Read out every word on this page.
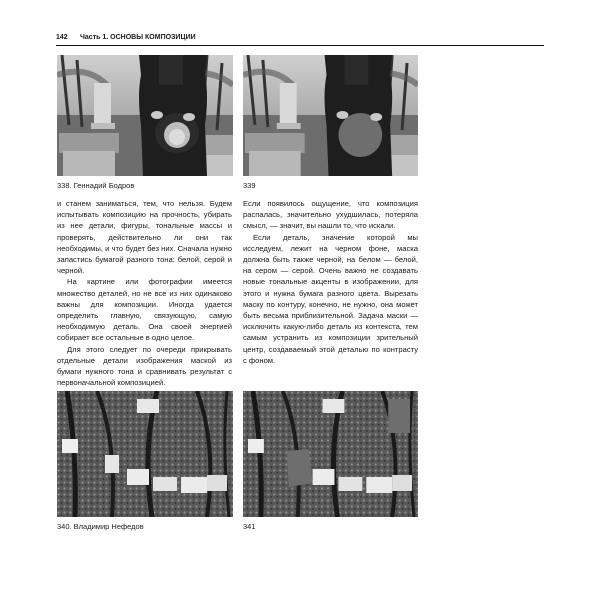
142 Часть 1. ОСНОВЫ КОМПОЗИЦИИ
338. Геннадий Бодров	339

и станем заниматься, тем, что нельзя. Будем испытывать композицию на прочность, убирать из нее детали, фигуры, тональные массы и проверять, действительно ли они так необходимы, и что будет без них. Сначала нужно запастись бумагой разного тона: белой, серой и черной.

На картине или фотографии имеется множество деталей, но не все из них одинаково важны для композиции. Иногда удается определить главную, связующую, самую необходимую деталь. Она своей энергией собирает все остальные в одно целое.

Для этого следует по очереди прикрывать отдельные детали изображения маской из бумаги нужного тона и сравнивать результат с первоначальной композицией.

Если появилось ощущение, что композиция распалась, значительно ухудшилась, потеряла смысл, — значит, вы нашли то, что искали.

Если деталь, значение которой мы исследуем, лежит на черном фоне, маска должна быть также черной, на белом — белой, на сером — серой. Очень важно не создавать новые тональные акценты в изображении, для этого и нужна бумага разного цвета. Вырезать маску по контуру, конечно, не нужно, она может быть весьма приблизительной. Задача маски — исключить какую-либо деталь из контекста, тем самым устранить из композиции зрительный центр, создаваемый этой деталью по контрасту с фоном.

340. Владимир Нефедов	341
